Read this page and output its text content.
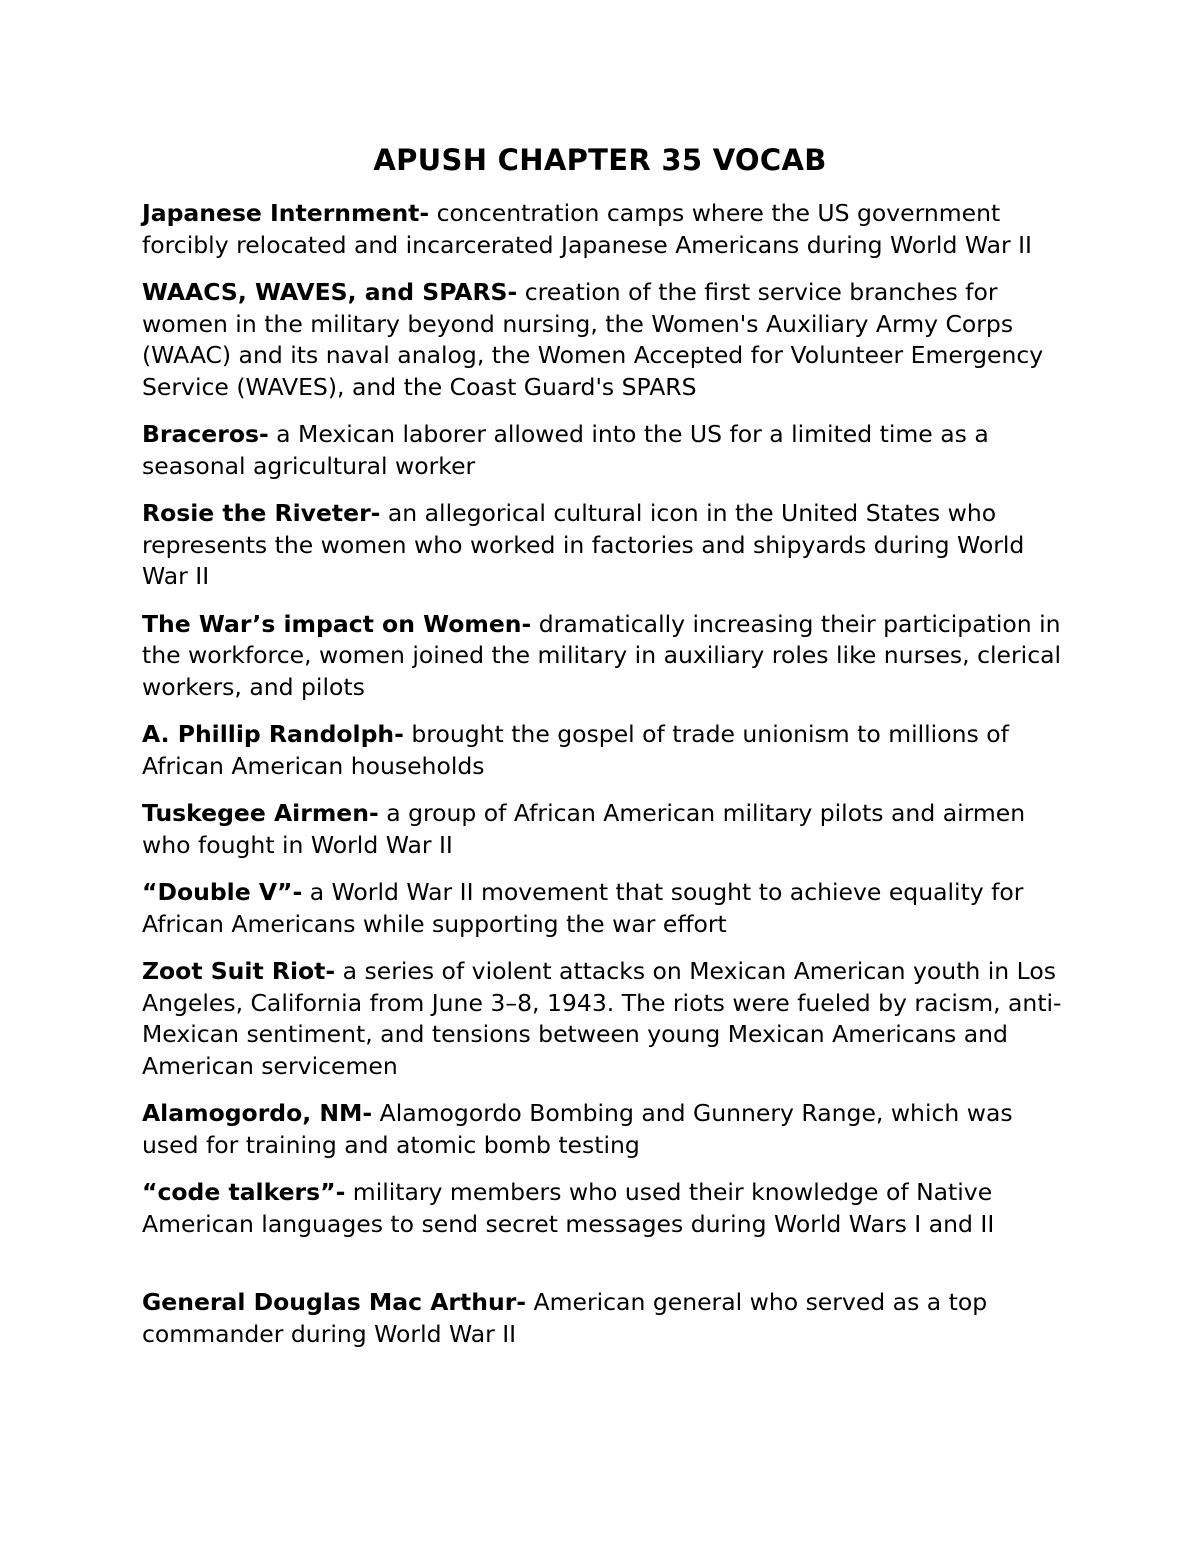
APUSH CHAPTER 35 VOCAB

Japanese Internment- concentration camps where the US government forcibly relocated and incarcerated Japanese Americans during World War II

WAACS, WAVES, and SPARS- creation of the first service branches for women in the military beyond nursing, the Women's Auxiliary Army Corps (WAAC) and its naval analog, the Women Accepted for Volunteer Emergency Service (WAVES), and the Coast Guard's SPARS

Braceros- a Mexican laborer allowed into the US for a limited time as a seasonal agricultural worker

Rosie the Riveter- an allegorical cultural icon in the United States who represents the women who worked in factories and shipyards during World War II

The War’s impact on Women- dramatically increasing their participation in the workforce, women joined the military in auxiliary roles like nurses, clerical workers, and pilots

A. Phillip Randolph- brought the gospel of trade unionism to millions of African American households

Tuskegee Airmen- a group of African American military pilots and airmen who fought in World War II

“Double V”- a World War II movement that sought to achieve equality for African Americans while supporting the war effort

Zoot Suit Riot- a series of violent attacks on Mexican American youth in Los Angeles, California from June 3–8, 1943. The riots were fueled by racism, anti-Mexican sentiment, and tensions between young Mexican Americans and American servicemen

Alamogordo, NM- Alamogordo Bombing and Gunnery Range, which was used for training and atomic bomb testing

“code talkers”- military members who used their knowledge of Native American languages to send secret messages during World Wars I and II

General Douglas Mac Arthur- American general who served as a top commander during World War II
